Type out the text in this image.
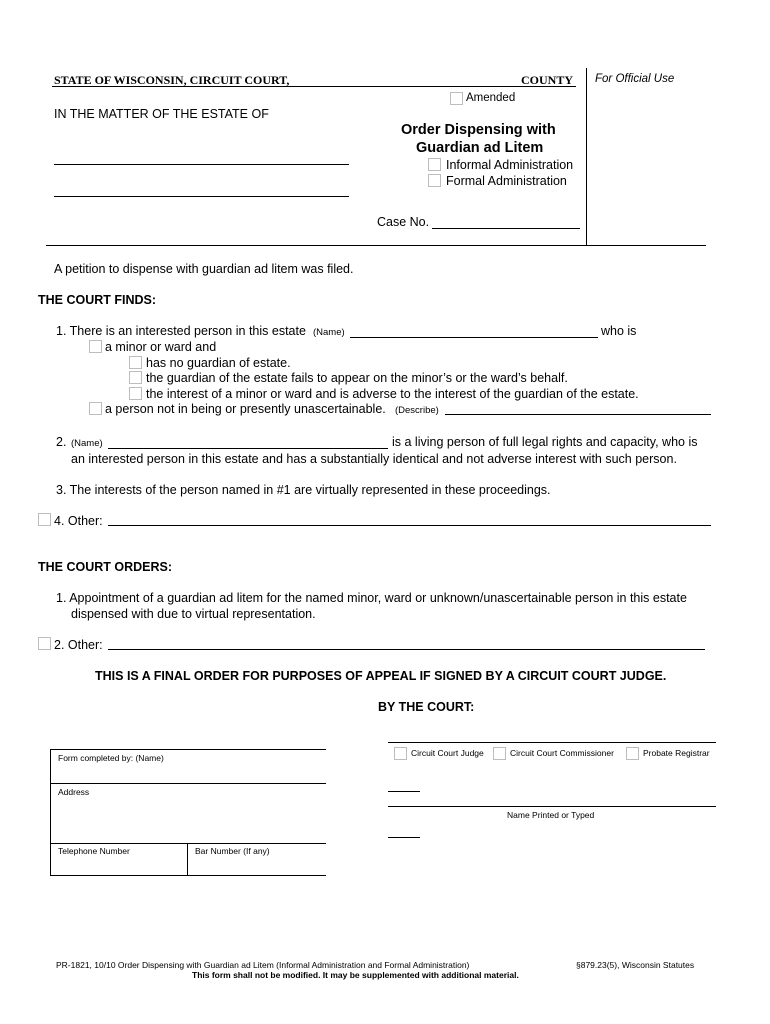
STATE OF WISCONSIN, CIRCUIT COURT,	COUNTY For Official Use
Amended
IN THE MATTER OF THE ESTATE OF
Order Dispensing with
Guardian ad Litem
Informal Administration
Formal Administration
Case No.
A petition to dispense with guardian ad litem was filed.
THE COURT FINDS:
1. There is an interested person in this estate (Name)	who is
a minor or ward and
has no guardian of estate.
the guardian of the estate fails to appear on the minor’s or the ward’s behalf.
the interest of a minor or ward and is adverse to the interest of the guardian of the estate.
a person not in being or presently unascertainable. (Describe)
2. (Name)	is a living person of full legal rights and capacity, who is
an interested person in this estate and has a substantially identical and not adverse interest with such person.
3. The interests of the person named in #1 are virtually represented in these proceedings.
4. Other:
THE COURT ORDERS:
1. Appointment of a guardian ad litem for the named minor, ward or unknown/unascertainable person in this estate
dispensed with due to virtual representation.
2. Other:
THIS IS A FINAL ORDER FOR PURPOSES OF APPEAL IF SIGNED BY A CIRCUIT COURT JUDGE.
BY THE COURT:
Circuit Court Judge	Circuit Court Commissioner	Probate Registrar
Name Printed or Typed
Form completed by: (Name)
Address
Telephone Number	Bar Number (If any)
PR-1821, 10/10 Order Dispensing with Guardian ad Litem (Informal Administration and Formal Administration)	§879.23(5), Wisconsin Statutes
This form shall not be modified. It may be supplemented with additional material.
